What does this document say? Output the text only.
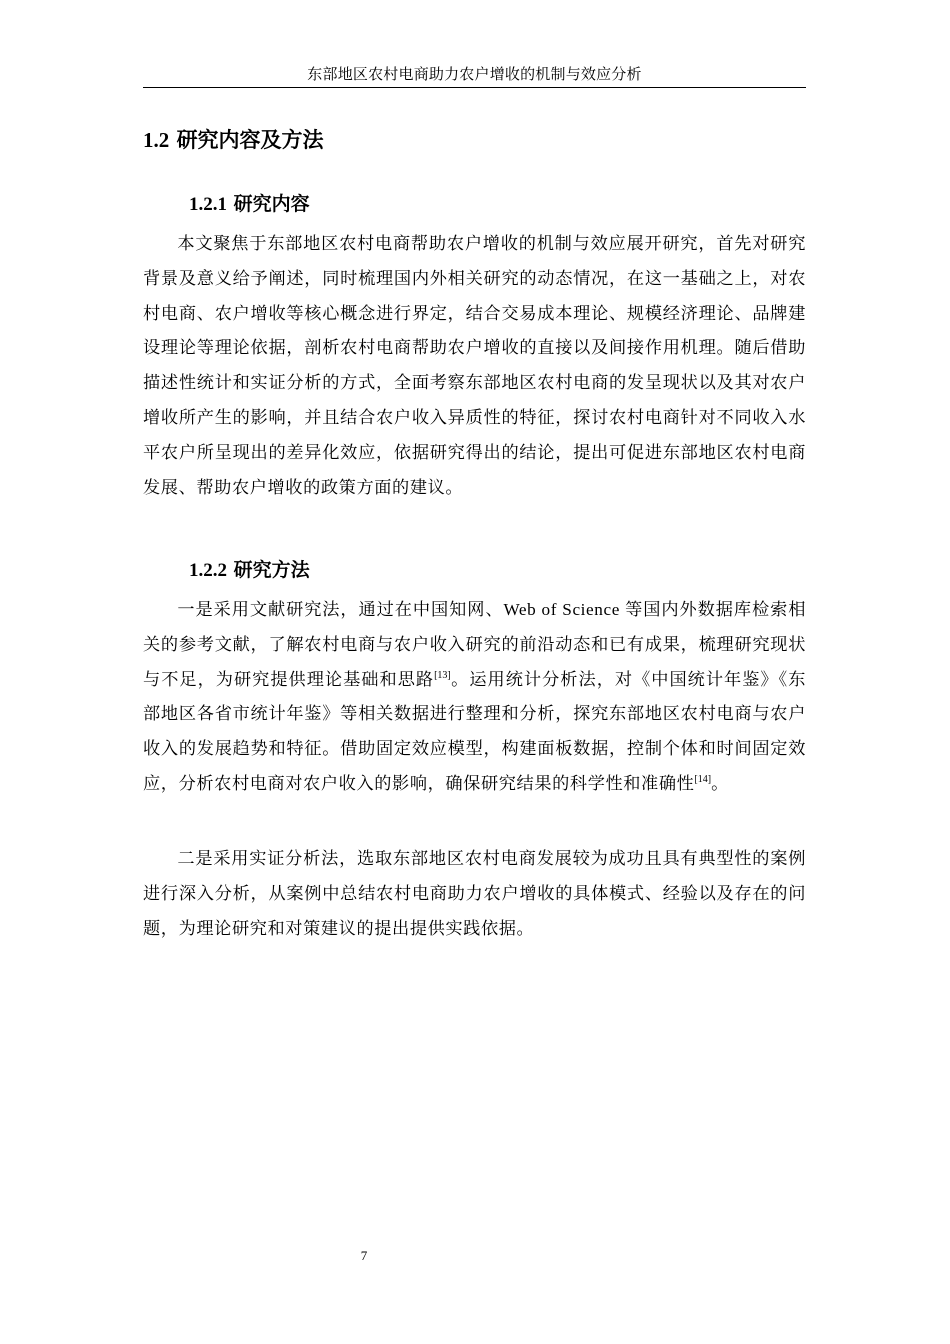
东部地区农村电商助力农户增收的机制与效应分析
1.2 研究内容及方法
1.2.1 研究内容

本文聚焦于东部地区农村电商帮助农户增收的机制与效应展开研究，首先对研究背景及意义给予阐述，同时梳理国内外相关研究的动态情况，在这一基础之上，对农村电商、农户增收等核心概念进行界定，结合交易成本理论、规模经济理论、品牌建设理论等理论依据，剖析农村电商帮助农户增收的直接以及间接作用机理。随后借助描述性统计和实证分析的方式，全面考察东部地区农村电商的发呈现状以及其对农户增收所产生的影响，并且结合农户收入异质性的特征，探讨农村电商针对不同收入水平农户所呈现出的差异化效应，依据研究得出的结论，提出可促进东部地区农村电商发展、帮助农户增收的政策方面的建议。

1.2.2 研究方法

一是采用文献研究法，通过在中国知网、Web of Science 等国内外数据库检索相关的参考文献，了解农村电商与农户收入研究的前沿动态和已有成果，梳理研究现状与不足，为研究提供理论基础和思路[13]。运用统计分析法，对《中国统计年鉴》《东部地区各省市统计年鉴》等相关数据进行整理和分析，探究东部地区农村电商与农户收入的发展趋势和特征。借助固定效应模型，构建面板数据，控制个体和时间固定效应，分析农村电商对农户收入的影响，确保研究结果的科学性和准确性[14]。

二是采用实证分析法，选取东部地区农村电商发展较为成功且具有典型性的案例进行深入分析，从案例中总结农村电商助力农户增收的具体模式、经验以及存在的问题，为理论研究和对策建议的提出提供实践依据。

7
